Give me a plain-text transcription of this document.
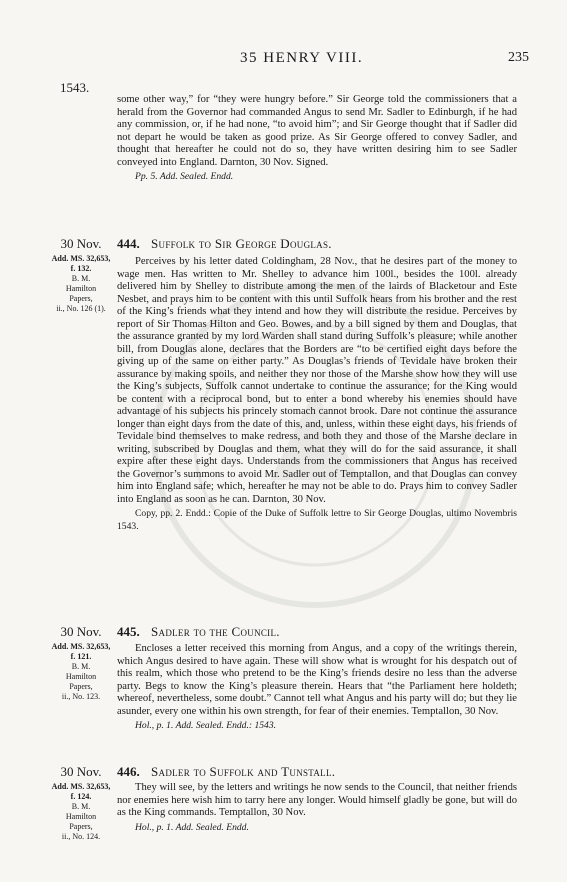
35 HENRY VIII.	235
1543.

some other way,” for “they were hungry before.” Sir George told the commissioners that a herald from the Governor had commanded Angus to send Mr. Sadler to Edinburgh, if he had any commission, or, if he had none, “to avoid him”; and Sir George thought that if Sadler did not depart he would be taken as good prize. As Sir George offered to convey Sadler, and thought that hereafter he could not do so, they have written desiring him to see Sadler conveyed into England. Darnton, 30 Nov. Signed.

Pp. 5. Add. Sealed. Endd.
30 Nov.
Add. MS. 32,653, f. 132.
B. M.
Hamilton
Papers,
ii., No. 126 (1).
444. Suffolk to Sir George Douglas.

Perceives by his letter dated Coldingham, 28 Nov., that he desires part of the money to wage men. Has written to Mr. Shelley to advance him 100l., besides the 100l. already delivered him by Shelley to distribute among the men of the lairds of Blacketour and Este Nesbet, and prays him to be content with this until Suffolk hears from his brother and the rest of the King’s friends what they intend and how they will distribute the residue. Perceives by report of Sir Thomas Hilton and Geo. Bowes, and by a bill signed by them and Douglas, that the assurance granted by my lord Warden shall stand during Suffolk’s pleasure; while another bill, from Douglas alone, declares that the Borders are “to be certified eight days before the giving up of the same on either party.” As Douglas’s friends of Tevidale have broken their assurance by making spoils, and neither they nor those of the Marshe show how they will use the King’s subjects, Suffolk cannot undertake to continue the assurance; for the King would be content with a reciprocal bond, but to enter a bond whereby his enemies should have advantage of his subjects his princely stomach cannot brook. Dare not continue the assurance longer than eight days from the date of this, and, unless, within these eight days, his friends of Tevidale bind themselves to make redress, and both they and those of the Marshe declare in writing, subscribed by Douglas and them, what they will do for the said assurance, it shall expire after these eight days. Understands from the commissioners that Angus has received the Governor’s summons to avoid Mr. Sadler out of Temptallon, and that Douglas can convey him into England safe; which, hereafter he may not be able to do. Prays him to convey Sadler into England as soon as he can. Darnton, 30 Nov.

Copy, pp. 2. Endd.: Copie of the Duke of Suffolk lettre to Sir George Douglas, ultimo Novembris 1543.
30 Nov.
Add. MS. 32,653, f. 121.
B. M.
Hamilton
Papers,
ii., No. 123.
445. Sadler to the Council.

Encloses a letter received this morning from Angus, and a copy of the writings therein, which Angus desired to have again. These will show what is wrought for his despatch out of this realm, which those who pretend to be the King’s friends desire no less than the adverse party. Begs to know the King’s pleasure therein. Hears that “the Parliament here holdeth; whereof, nevertheless, some doubt.” Cannot tell what Angus and his party will do; but they lie asunder, every one within his own strength, for fear of their enemies. Temptallon, 30 Nov.

Hol., p. 1. Add. Sealed. Endd.: 1543.
30 Nov.
Add. MS. 32,653, f. 124.
B. M.
Hamilton
Papers,
ii., No. 124.
446. Sadler to Suffolk and Tunstall.

They will see, by the letters and writings he now sends to the Council, that neither friends nor enemies here wish him to tarry here any longer. Would himself gladly be gone, but will do as the King commands. Temptallon, 30 Nov.

Hol., p. 1. Add. Sealed. Endd.
